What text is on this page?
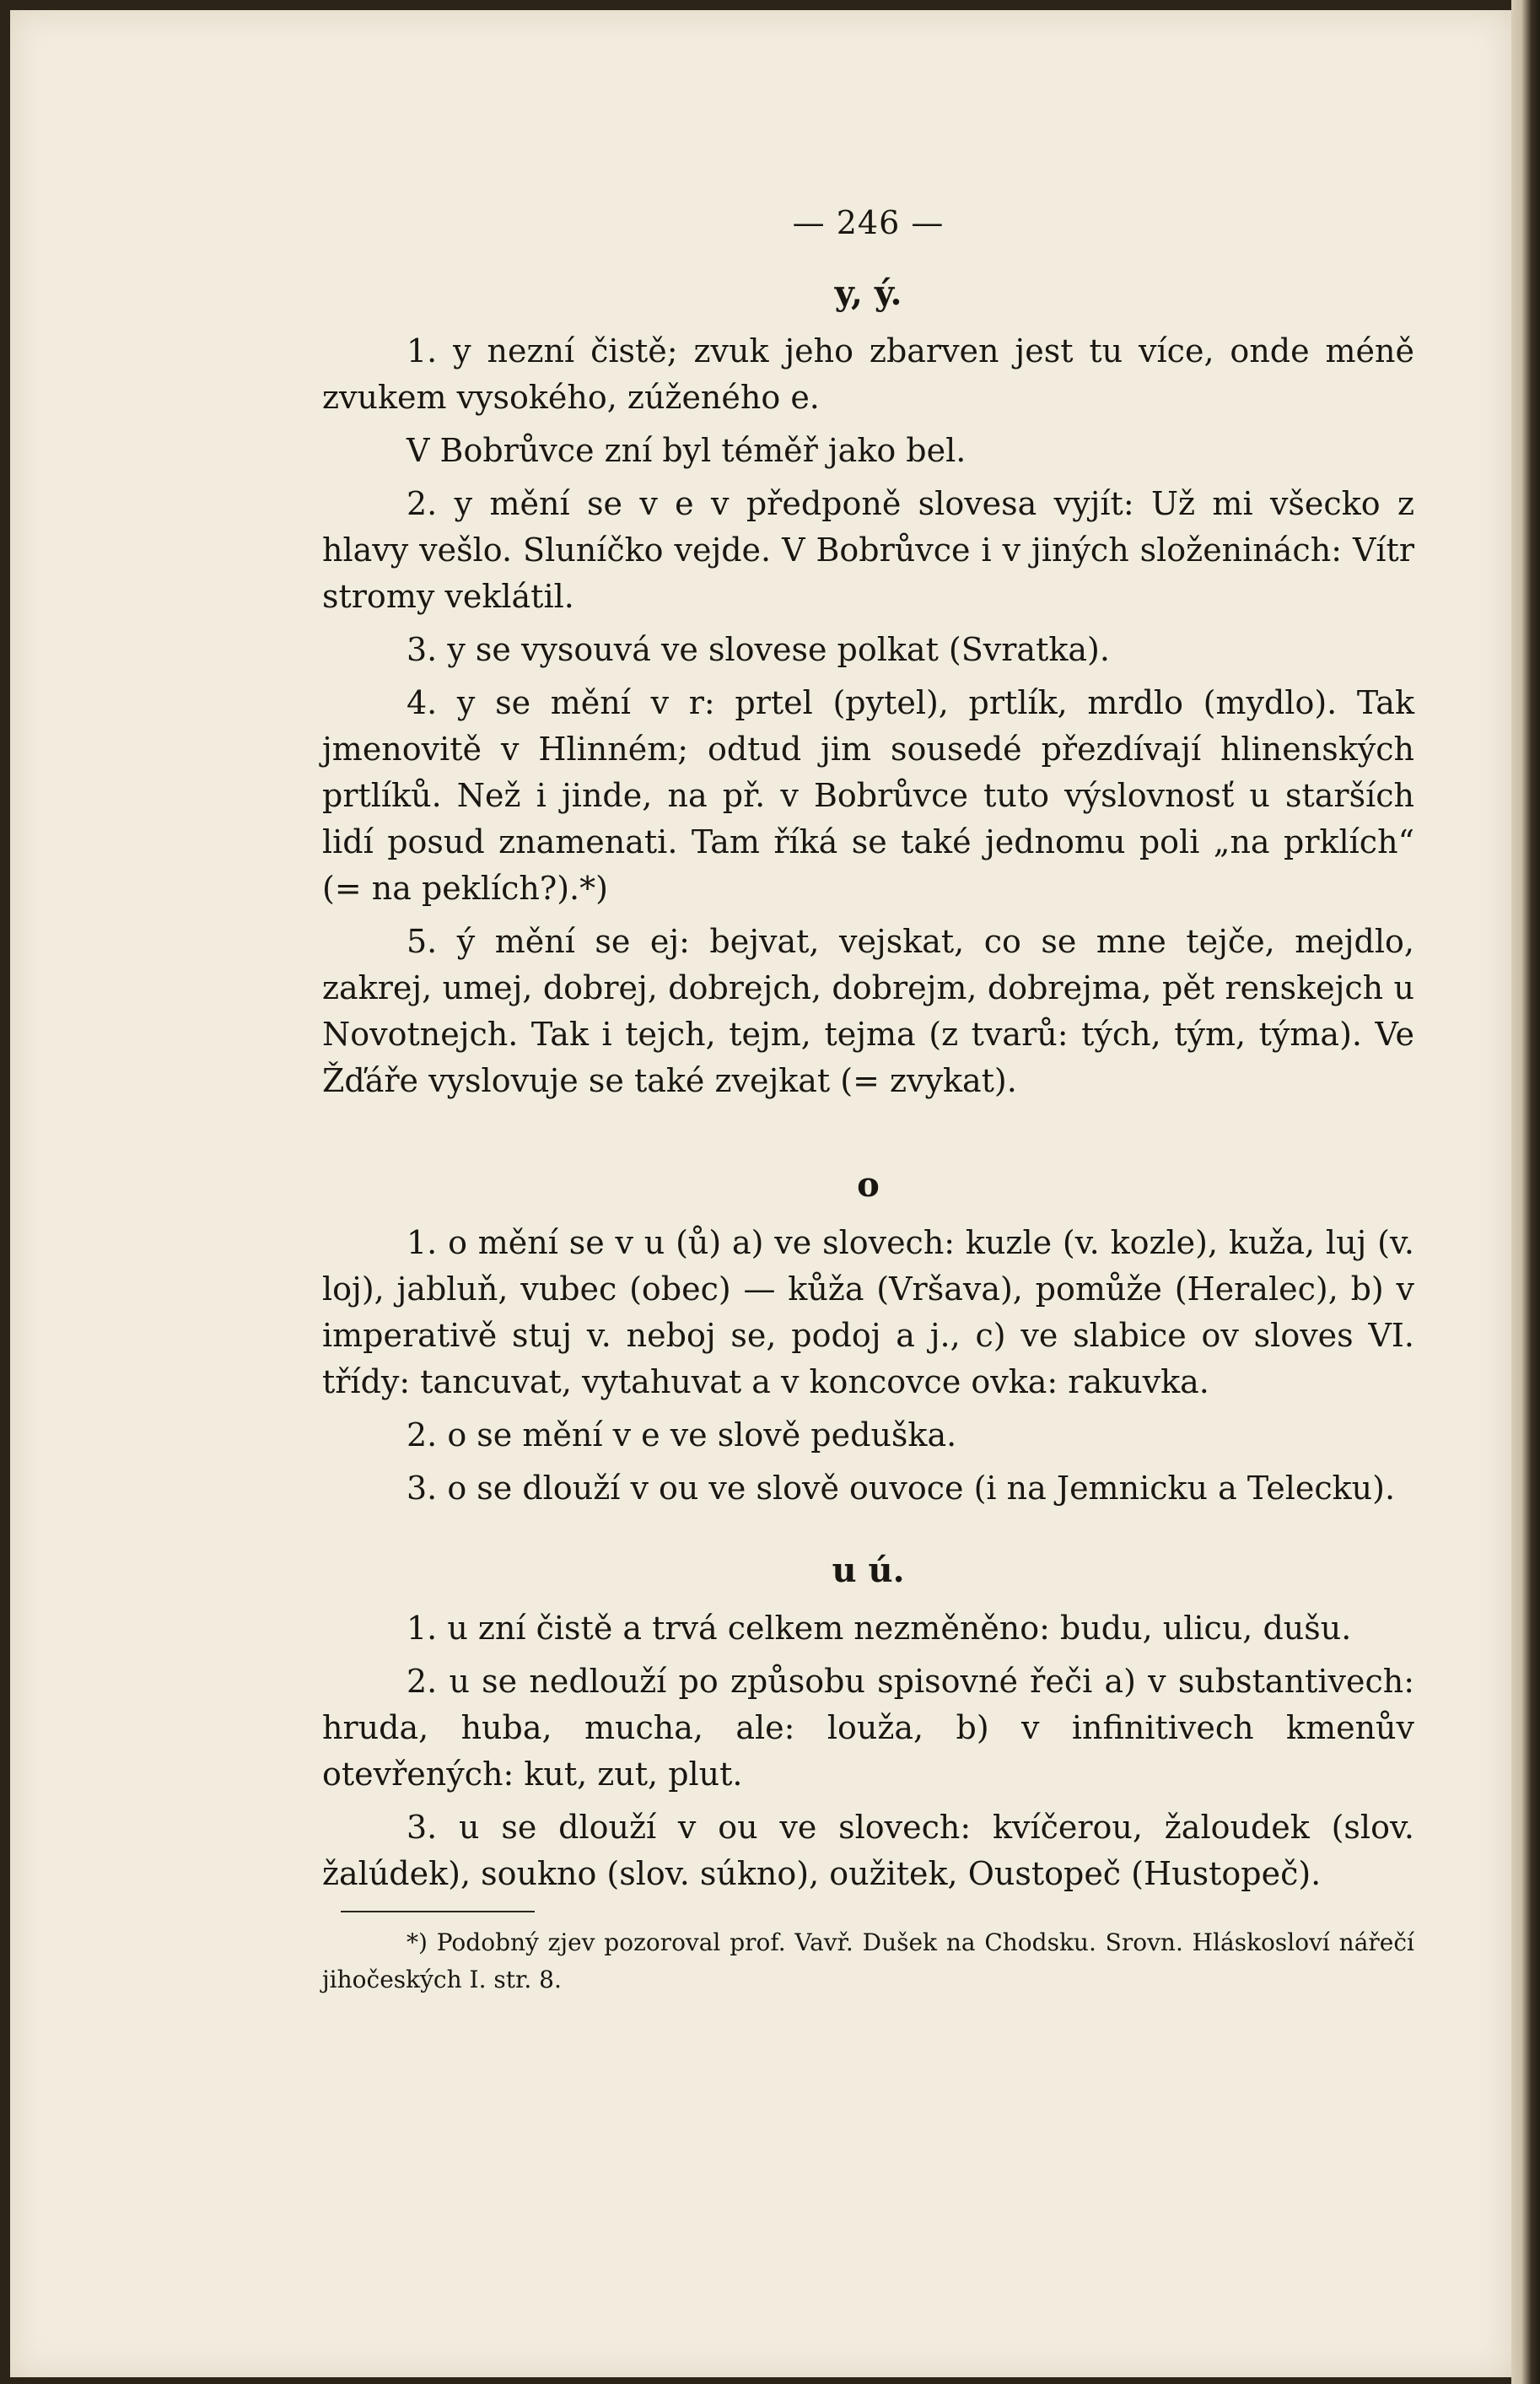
— 246 —
y, ý.

1. y nezní čistě; zvuk jeho zbarven jest tu více, onde méně zvukem vysokého, zúženého e.

V Bobrůvce zní byl téměř jako bel.

2. y mění se v e v předponě slovesa vyjít: Už mi všecko z hlavy vešlo. Sluníčko vejde. V Bobrůvce i v jiných složeninách: Vítr stromy veklátil.

3. y se vysouvá ve slovese polkat (Svratka).

4. y se mění v r: prtel (pytel), prtlík, mrdlo (mydlo). Tak jmenovitě v Hlinném; odtud jim sousedé přezdívají hlinenských prtlíků. Než i jinde, na př. v Bobrůvce tuto výslovnosť u starších lidí posud znamenati. Tam říká se také jednomu poli „na prklích“ (= na peklích?).*)

5. ý mění se ej: bejvat, vejskat, co se mne tejče, mejdlo, zakrej, umej, dobrej, dobrejch, dobrejm, dobrejma, pět renskejch u Novotnejch. Tak i tejch, tejm, tejma (z tvarů: tých, tým, týma). Ve Žďáře vyslovuje se také zvejkat (= zvykat).

o

1. o mění se v u (ů) a) ve slovech: kuzle (v. kozle), kuža, luj (v. loj), jabluň, vubec (obec) — kůža (Vršava), pomůže (Heralec), b) v imperativě stuj v. neboj se, podoj a j., c) ve slabice ov sloves VI. třídy: tancuvat, vytahuvat a v koncovce ovka: rakuvka.

2. o se mění v e ve slově peduška.

3. o se dlouží v ou ve slově ouvoce (i na Jemnicku a Telecku).

u ú.

1. u zní čistě a trvá celkem nezměněno: budu, ulicu, dušu.

2. u se nedlouží po způsobu spisovné řeči a) v substantivech: hruda, huba, mucha, ale: louža, b) v infinitivech kmenův otevřených: kut, zut, plut.

3. u se dlouží v ou ve slovech: kvíčerou, žaloudek (slov. žalúdek), soukno (slov. súkno), oužitek, Oustopeč (Hustopeč).

*) Podobný zjev pozoroval prof. Vavř. Dušek na Chodsku. Srovn. Hláskosloví nářečí jihočeských I. str. 8.
